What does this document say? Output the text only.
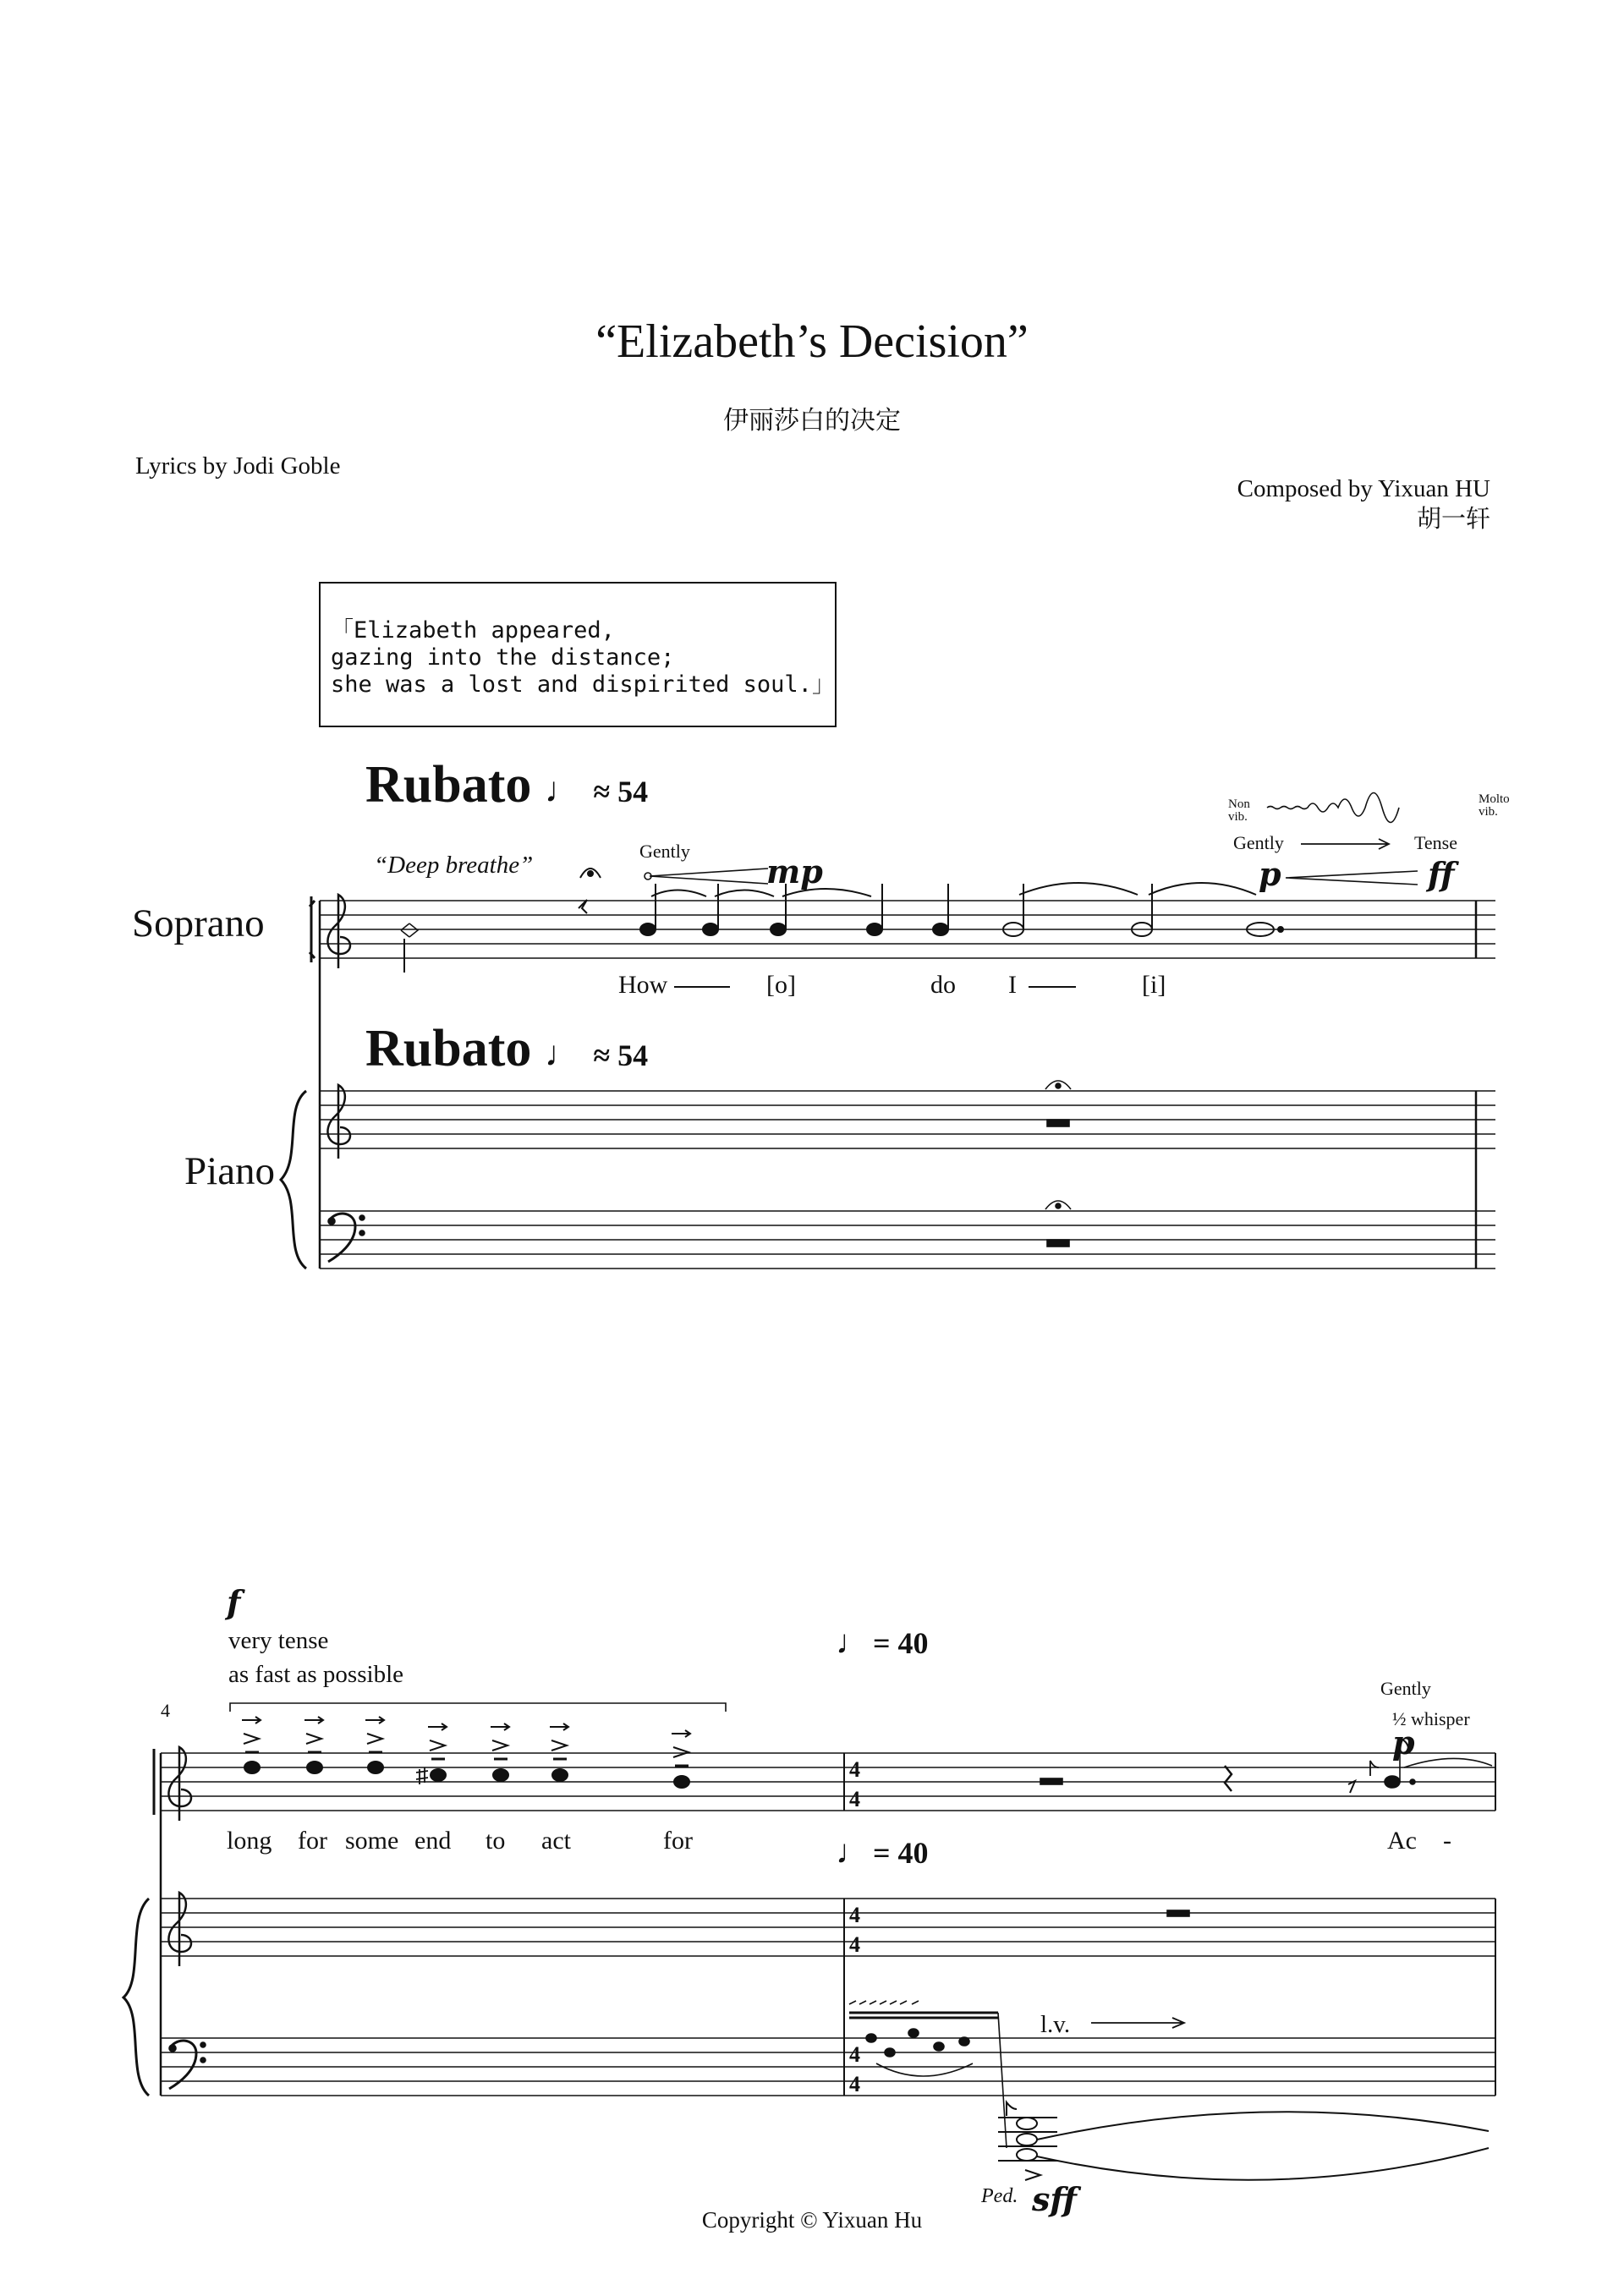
“Elizabeth’s Decision”
伊丽莎白的决定
Lyrics by Jodi Goble
Composed by Yixuan HU
胡一轩
「Elizabeth appeared,
gazing into the distance;
she was a lost and dispirited soul.」
Rubato ♩ ≈ 54
Rubato ♩ ≈ 54
Soprano
Piano
“Deep breathe”
Gently
mp
Non
vib.
Molto
vib.
Gently	Tense
p	ff
How	[o]	do I	[i]
4
f
very tense
as fast as possible
♩ = 40
♩ = 40
Gently
½ whisper
p
l.v.
Ped. sff
long for some end to act	for	Ac -
Copyright © Yixuan Hu
4
4
4
4
4
4
